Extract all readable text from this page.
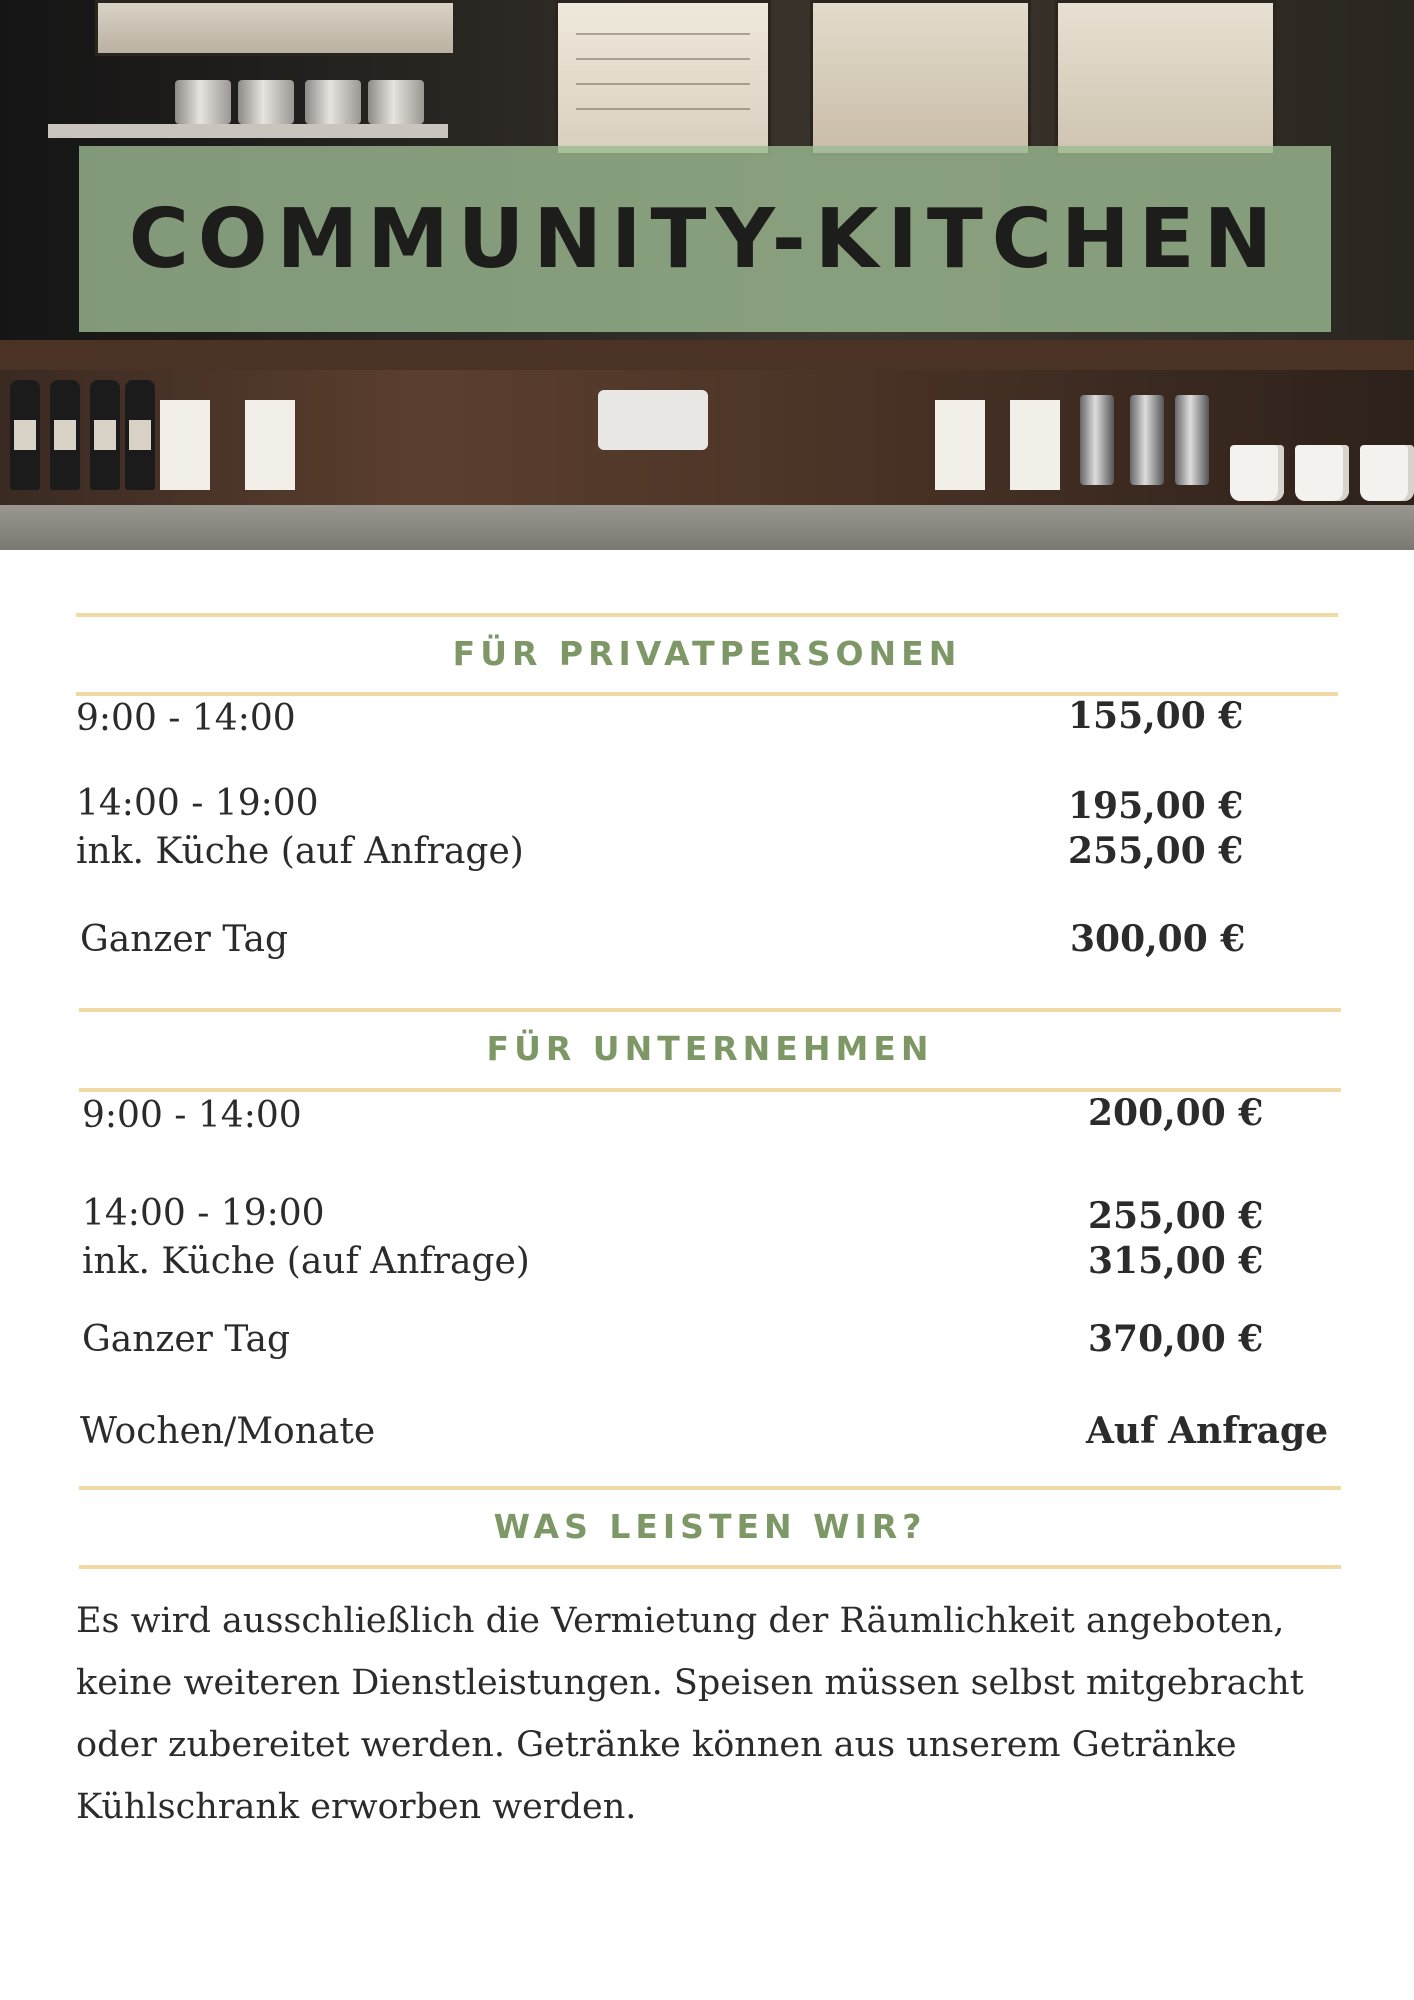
COMMUNITY-KITCHEN
FÜR PRIVATPERSONEN
9:00 - 14:00	155,00 €
14:00 - 19:00	195,00 €
ink. Küche (auf Anfrage)	255,00 €
Ganzer Tag	300,00 €
FÜR UNTERNEHMEN
9:00 - 14:00	200,00 €
14:00 - 19:00	255,00 €
ink. Küche (auf Anfrage)	315,00 €
Ganzer Tag	370,00 €
Wochen/Monate	Auf Anfrage
WAS LEISTEN WIR?
Es wird ausschließlich die Vermietung der Räumlichkeit angeboten, keine weiteren Dienstleistungen. Speisen müssen selbst mitgebracht oder zubereitet werden. Getränke können aus unserem Getränke Kühlschrank erworben werden.
